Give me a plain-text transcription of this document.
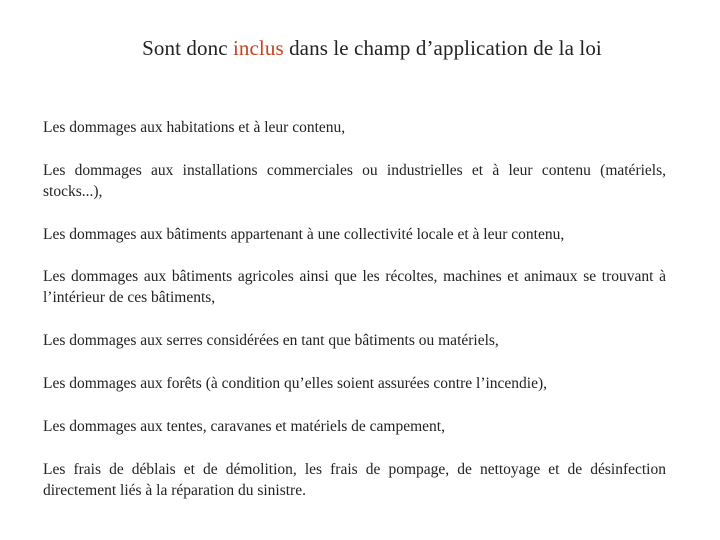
Sont donc inclus dans le champ d’application de la loi
Les dommages aux habitations et à leur contenu,
Les dommages aux installations commerciales ou industrielles et à leur contenu (matériels, stocks...),
Les dommages aux bâtiments appartenant à une collectivité locale et à leur contenu,
Les dommages aux bâtiments agricoles ainsi que les récoltes, machines et animaux se trouvant à l’intérieur de ces bâtiments,
Les dommages aux serres considérées en tant que bâtiments ou matériels,
Les dommages aux forêts (à condition qu’elles soient assurées contre l’incendie),
Les dommages aux tentes, caravanes et matériels de campement,
Les frais de déblais et de démolition, les frais de pompage, de nettoyage et de désinfection directement liés à la réparation du sinistre.
